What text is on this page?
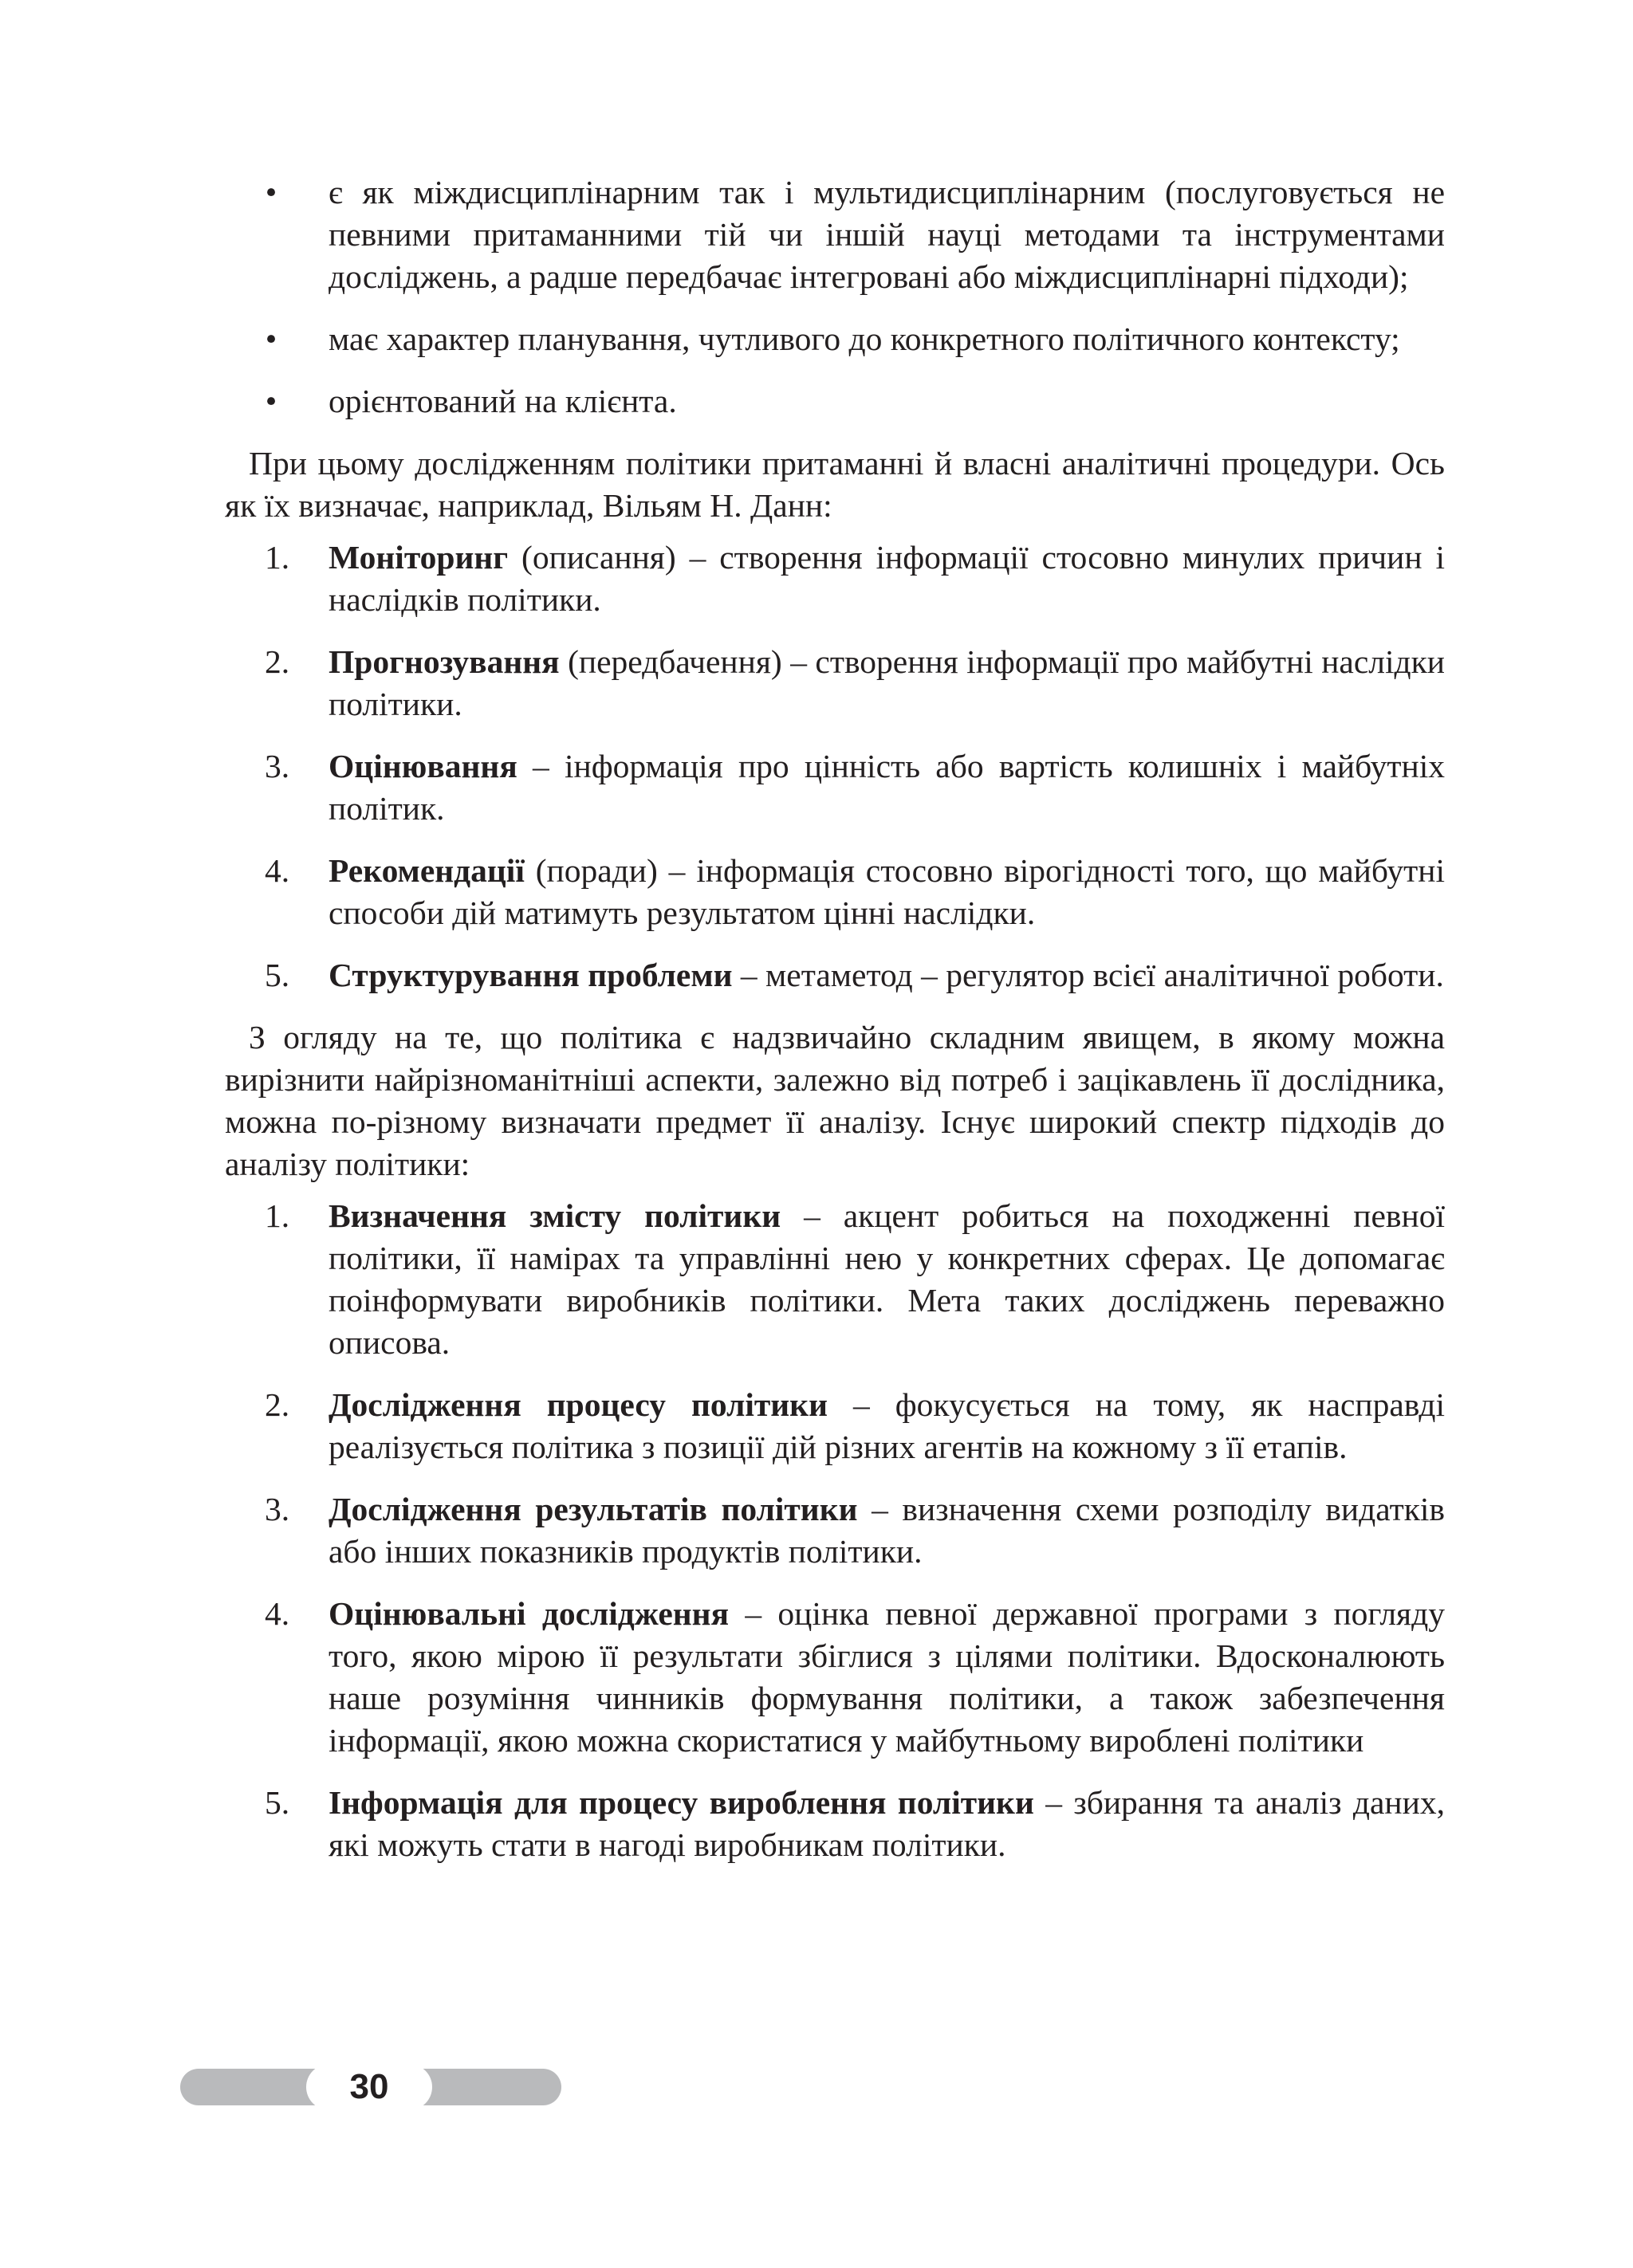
• є як міждисциплінарним так і мультидисциплінарним (послуговується не певними притаманними тій чи іншій науці методами та інструментами досліджень, а радше передбачає інтегровані або міждисциплінарні підходи);
• має характер планування, чутливого до конкретного політичного контексту;
• орієнтований на клієнта.

При цьому дослідженням політики притаманні й власні аналітичні процедури. Ось як їх визначає, наприклад, Вільям Н. Данн:

1.	Моніторинг (описання) – створення інформації стосовно минулих причин і наслідків політики.
2.	Прогнозування (передбачення) – створення інформації про майбутні наслідки політики.
3.	Оцінювання – інформація про цінність або вартість колишніх і майбутніх політик.
4.	Рекомендації (поради) – інформація стосовно вірогідності того, що майбутні способи дій матимуть результатом цінні наслідки.
5.	Структурування проблеми – метаметод – регулятор всієї аналітичної роботи.

З огляду на те, що політика є надзвичайно складним явищем, в якому можна вирізнити найрізноманітніші аспекти, залежно від потреб і зацікавлень її дослідника, можна по-різному визначати предмет її аналізу. Існує широкий спектр підходів до аналізу політики:

1.	Визначення змісту політики – акцент робиться на походженні певної політики, її намірах та управлінні нею у конкретних сферах. Це допомагає поінформувати виробників політики. Мета таких досліджень переважно описова.
2.	Дослідження процесу політики – фокусується на тому, як насправді реалізується політика з позиції дій різних агентів на кожному з її етапів.
3.	Дослідження результатів політики – визначення схеми розподілу видатків або інших показників продуктів політики.
4.	Оцінювальні дослідження – оцінка певної державної програми з погляду того, якою мірою її результати збіглися з цілями політики. Вдосконалюють наше розуміння чинників формування політики, а також забезпечення інформації, якою можна скористатися у майбутньому вироблені політики
5.	Інформація для процесу вироблення політики – збирання та аналіз даних, які можуть стати в нагоді виробникам політики.
30
